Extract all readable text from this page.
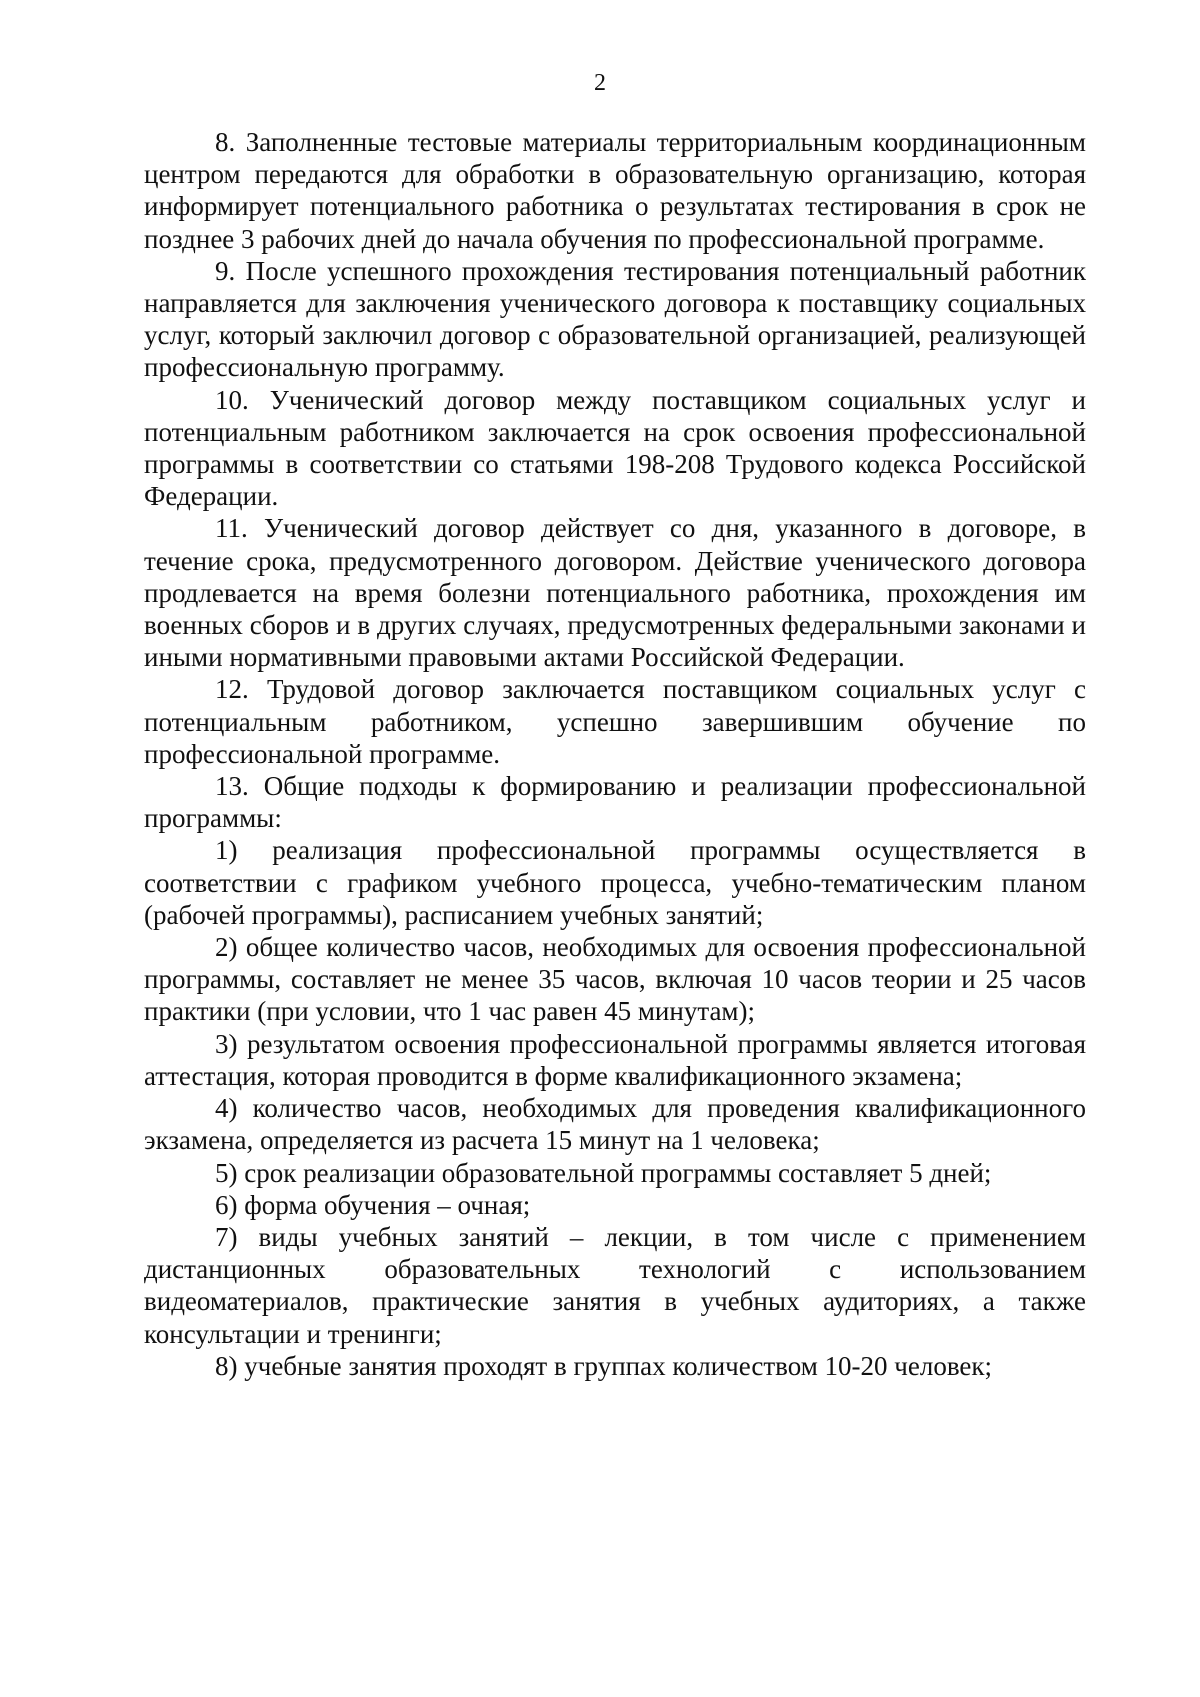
2

8. Заполненные тестовые материалы территориальным координационным центром передаются для обработки в образовательную организацию, которая информирует потенциального работника о результатах тестирования в срок не позднее 3 рабочих дней до начала обучения по профессиональной программе.

9. После успешного прохождения тестирования потенциальный работник направляется для заключения ученического договора к поставщику социальных услуг, который заключил договор с образовательной организацией, реализующей профессиональную программу.

10. Ученический договор между поставщиком социальных услуг и потенциальным работником заключается на срок освоения профессиональной программы в соответствии со статьями 198-208 Трудового кодекса Российской Федерации.

11. Ученический договор действует со дня, указанного в договоре, в течение срока, предусмотренного договором. Действие ученического договора продлевается на время болезни потенциального работника, прохождения им военных сборов и в других случаях, предусмотренных федеральными законами и иными нормативными правовыми актами Российской Федерации.

12. Трудовой договор заключается поставщиком социальных услуг с потенциальным работником, успешно завершившим обучение по профессиональной программе.

13. Общие подходы к формированию и реализации профессиональной программы:

1) реализация профессиональной программы осуществляется в соответствии с графиком учебного процесса, учебно-тематическим планом (рабочей программы), расписанием учебных занятий;

2) общее количество часов, необходимых для освоения профессиональной программы, составляет не менее 35 часов, включая 10 часов теории и 25 часов практики (при условии, что 1 час равен 45 минутам);

3) результатом освоения профессиональной программы является итоговая аттестация, которая проводится в форме квалификационного экзамена;

4) количество часов, необходимых для проведения квалификационного экзамена, определяется из расчета 15 минут на 1 человека;

5) срок реализации образовательной программы составляет 5 дней;

6) форма обучения – очная;

7) виды учебных занятий – лекции, в том числе с применением дистанционных образовательных технологий с использованием видеоматериалов, практические занятия в учебных аудиториях, а также консультации и тренинги;

8) учебные занятия проходят в группах количеством 10-20 человек;
